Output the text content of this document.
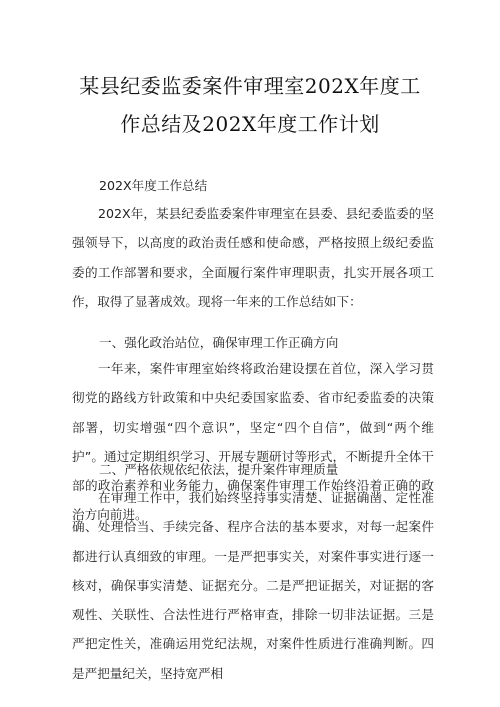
某县纪委监委案件审理室202X年度工
作总结及202X年度工作计划
202X年度工作总结

202X年，某县纪委监委案件审理室在县委、县纪委监委的坚强领导下，以高度的政治责任感和使命感，严格按照上级纪委监委的工作部署和要求，全面履行案件审理职责，扎实开展各项工作，取得了显著成效。现将一年来的工作总结如下：

一、强化政治站位，确保审理工作正确方向

一年来，案件审理室始终将政治建设摆在首位，深入学习贯彻党的路线方针政策和中央纪委国家监委、省市纪委监委的决策部署，切实增强“四个意识”，坚定“四个自信”，做到“两个维护”。通过定期组织学习、开展专题研讨等形式，不断提升全体干部的政治素养和业务能力，确保案件审理工作始终沿着正确的政治方向前进。

二、严格依规依纪依法，提升案件审理质量

在审理工作中，我们始终坚持事实清楚、证据确凿、定性准确、处理恰当、手续完备、程序合法的基本要求，对每一起案件都进行认真细致的审理。一是严把事实关，对案件事实进行逐一核对，确保事实清楚、证据充分。二是严把证据关，对证据的客观性、关联性、合法性进行严格审查，排除一切非法证据。三是严把定性关，准确运用党纪法规，对案件性质进行准确判断。四是严把量纪关，坚持宽严相
